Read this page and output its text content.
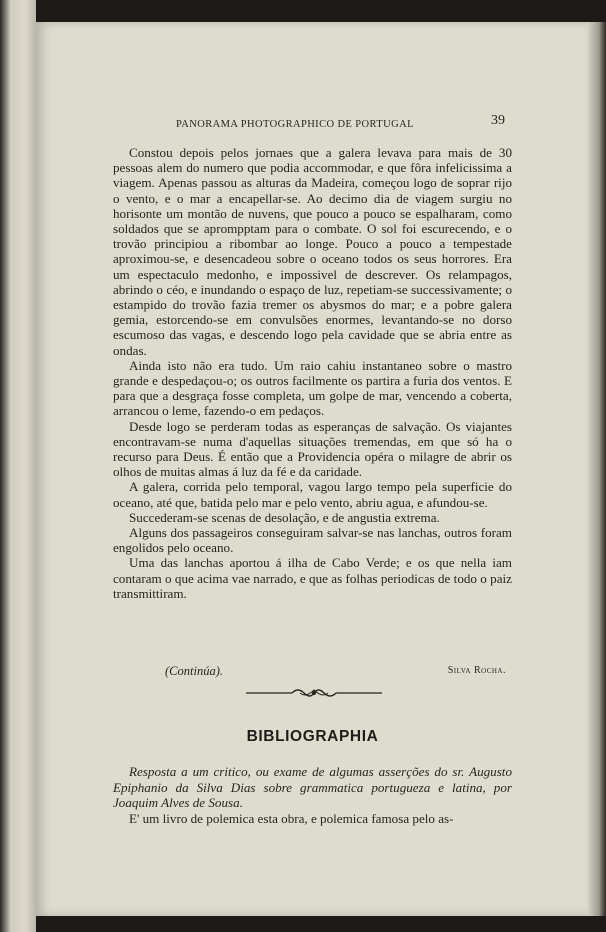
PANORAMA PHOTOGRAPHICO DE PORTUGAL	39

Constou depois pelos jornaes que a galera levava para mais de 30 pessoas alem do numero que podia accommodar, e que fôra infelicissima a viagem. Apenas passou as alturas da Madeira, começou logo de soprar rijo o vento, e o mar a encapellar-se. Ao decimo dia de viagem surgiu no horisonte um montão de nuvens, que pouco a pouco se espalharam, como soldados que se aprompptam para o combate. O sol foi escurecendo, e o trovão principiou a ribombar ao longe. Pouco a pouco a tempestade aproximou-se, e desencadeou sobre o oceano todos os seus horrores. Era um espectaculo medonho, e impossivel de descrever. Os relampagos, abrindo o céo, e inundando o espaço de luz, repetiam-se successivamente; o estampido do trovão fazia tremer os abysmos do mar; e a pobre galera gemia, estorcendo-se em convulsões enormes, levantando-se no dorso escumoso das vagas, e descendo logo pela cavidade que se abria entre as ondas.

Ainda isto não era tudo. Um raio cahiu instantaneo sobre o mastro grande e despedaçou-o; os outros facilmente os partira a furia dos ventos. E para que a desgraça fosse completa, um golpe de mar, vencendo a coberta, arrancou o leme, fazendo-o em pedaços.

Desde logo se perderam todas as esperanças de salvação. Os viajantes encontravam-se numa d'aquellas situações tremendas, em que só ha o recurso para Deus. É então que a Providencia opéra o milagre de abrir os olhos de muitas almas á luz da fé e da caridade.

A galera, corrida pelo temporal, vagou largo tempo pela superficie do oceano, até que, batida pelo mar e pelo vento, abriu agua, e afundou-se.

Succederam-se scenas de desolação, e de angustia extrema.

Alguns dos passageiros conseguiram salvar-se nas lanchas, outros foram engolidos pelo oceano.

Uma das lanchas aportou á ilha de Cabo Verde; e os que nella iam contaram o que acima vae narrado, e que as folhas periodicas de todo o paiz transmittiram.

(Continúa).	Silva Rocha.
BIBLIOGRAPHIA

Resposta a um critico, ou exame de algumas asserções do sr. Augusto Epiphanio da Silva Dias sobre grammatica portugueza e latina, por Joaquim Alves de Sousa.

E' um livro de polemica esta obra, e polemica famosa pelo as-
